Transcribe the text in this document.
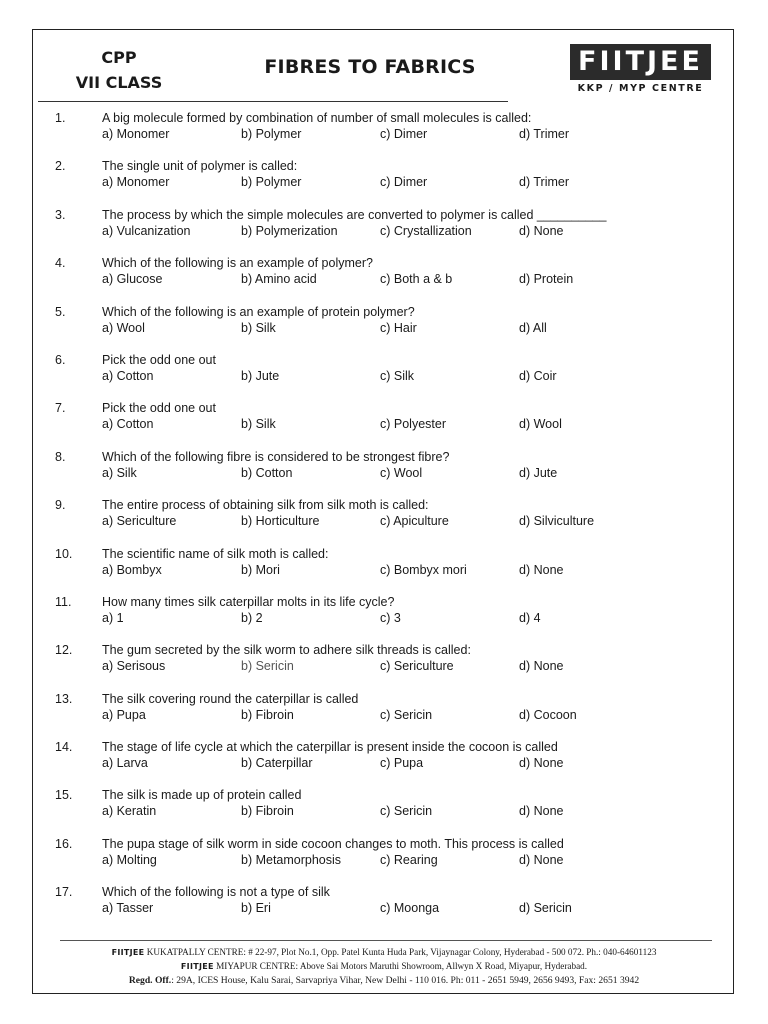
CPP
VII CLASS
FIBRES TO FABRICS	FIITJEE
KKP / MYP CENTRE
1.	A big molecule formed by combination of number of small molecules is called:
a) Monomer	b) Polymer	c) Dimer	d) Trimer
2.	The single unit of polymer is called:
a) Monomer	b) Polymer	c) Dimer	d) Trimer
3.	The process by which the simple molecules are converted to polymer is called __________
a) Vulcanization	b) Polymerization	c) Crystallization	d) None
4.	Which of the following is an example of polymer?
a) Glucose	b) Amino acid	c) Both a & b	d) Protein
5.	Which of the following is an example of protein polymer?
a) Wool	b) Silk	c) Hair	d) All
6.	Pick the odd one out
a) Cotton	b) Jute	c) Silk	d) Coir
7.	Pick the odd one out
a) Cotton	b) Silk	c) Polyester	d) Wool
8.	Which of the following fibre is considered to be strongest fibre?
a) Silk	b) Cotton	c) Wool	d) Jute
9.	The entire process of obtaining silk from silk moth is called:
a) Sericulture	b) Horticulture	c) Apiculture	d) Silviculture
10. The scientific name of silk moth is called:
a) Bombyx	b) Mori	c) Bombyx mori	d) None
11. How many times silk caterpillar molts in its life cycle?
a) 1	b) 2	c) 3	d) 4
12. The gum secreted by the silk worm to adhere silk threads is called:
a) Serisous	b) Sericin	c) Sericulture	d) None
13. The silk covering round the caterpillar is called
a) Pupa	b) Fibroin	c) Sericin	d) Cocoon
14. The stage of life cycle at which the caterpillar is present inside the cocoon is called
a) Larva	b) Caterpillar	c) Pupa	d) None
15. The silk is made up of protein called
a) Keratin	b) Fibroin	c) Sericin	d) None
16. The pupa stage of silk worm in side cocoon changes to moth. This process is called
a) Molting	b) Metamorphosis	c) Rearing	d) None
17. Which of the following is not a type of silk
a) Tasser	b) Eri	c) Moonga	d) Sericin
FIITJEE KUKATPALLY CENTRE: # 22-97, Plot No.1, Opp. Patel Kunta Huda Park, Vijaynagar Colony, Hyderabad - 500 072. Ph.: 040-64601123
FIITJEE MIYAPUR CENTRE: Above Sai Motors Maruthi Showroom, Allwyn X Road, Miyapur, Hyderabad.
Regd. Off.: 29A, ICES House, Kalu Sarai, Sarvapriya Vihar, New Delhi - 110 016. Ph: 011 - 2651 5949, 2656 9493, Fax: 2651 3942
